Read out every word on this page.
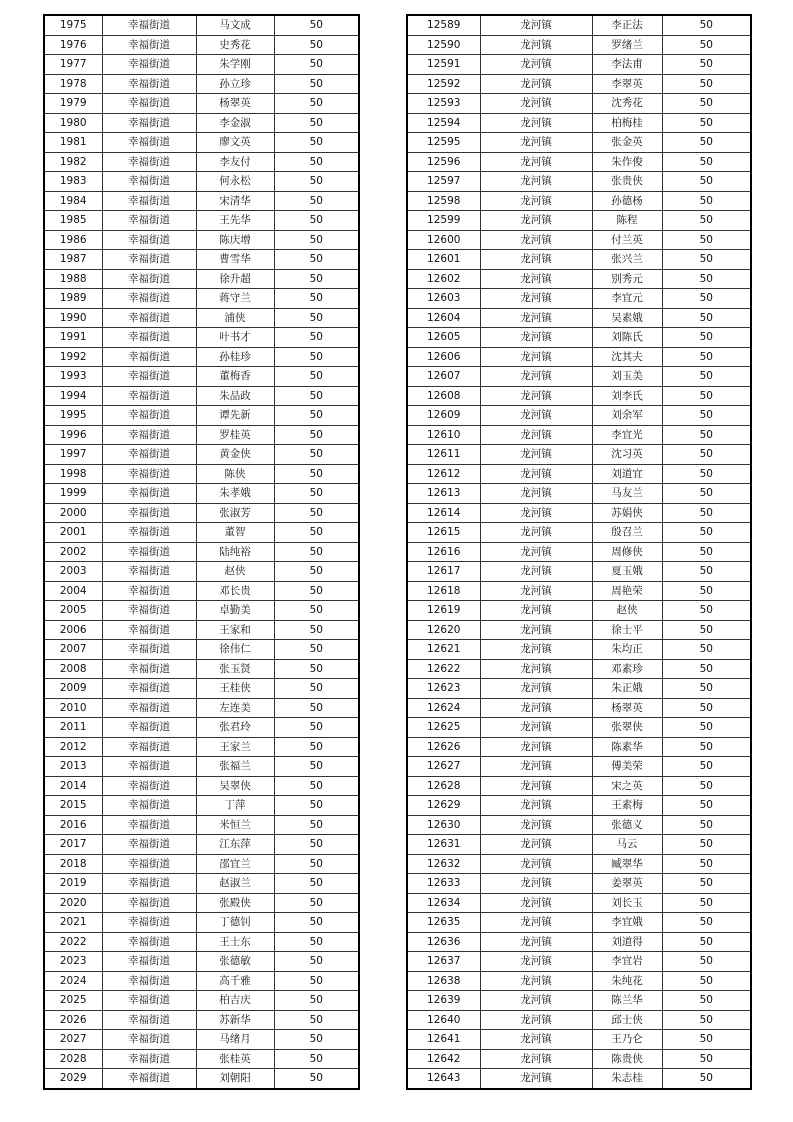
1975	幸福街道	马文成	50
1976	幸福街道	史秀花	50
1977	幸福街道	朱学刚	50
1978	幸福街道	孙立珍	50
1979	幸福街道	杨翠英	50
1980	幸福街道	李金淑	50
1981	幸福街道	廖文英	50
1982	幸福街道	李友付	50
1983	幸福街道	何永松	50
1984	幸福街道	宋清华	50
1985	幸福街道	王先华	50
1986	幸福街道	陈庆增	50
1987	幸福街道	曹雪华	50
1988	幸福街道	徐升超	50
1989	幸福街道	蒋守兰	50
1990	幸福街道	浦侠	50
1991	幸福街道	叶书才	50
1992	幸福街道	孙桂珍	50
1993	幸福街道	董梅香	50
1994	幸福街道	朱品政	50
1995	幸福街道	谭先新	50
1996	幸福街道	罗桂英	50
1997	幸福街道	黄金侠	50
1998	幸福街道	陈侠	50
1999	幸福街道	朱孝娥	50
2000	幸福街道	张淑芳	50
2001	幸福街道	董智	50
2002	幸福街道	陆纯裕	50
2003	幸福街道	赵侠	50
2004	幸福街道	邓长贵	50
2005	幸福街道	卓勤美	50
2006	幸福街道	王家和	50
2007	幸福街道	徐伟仁	50
2008	幸福街道	张玉贤	50
2009	幸福街道	王桂侠	50
2010	幸福街道	左连美	50
2011	幸福街道	张君玲	50
2012	幸福街道	王家兰	50
2013	幸福街道	张福兰	50
2014	幸福街道	吴翠侠	50
2015	幸福街道	丁萍	50
2016	幸福街道	米恒兰	50
2017	幸福街道	江东萍	50
2018	幸福街道	邵宜兰	50
2019	幸福街道	赵淑兰	50
2020	幸福街道	张殿侠	50
2021	幸福街道	丁德钊	50
2022	幸福街道	王士东	50
2023	幸福街道	张德敏	50
2024	幸福街道	高千雅	50
2025	幸福街道	柏吉庆	50
2026	幸福街道	苏新华	50
2027	幸福街道	马绪月	50
2028	幸福街道	张桂英	50
2029	幸福街道	刘朝阳	50
12589	龙河镇	李正法	50
12590	龙河镇	罗绪兰	50
12591	龙河镇	李法甫	50
12592	龙河镇	李翠英	50
12593	龙河镇	沈秀花	50
12594	龙河镇	柏梅桂	50
12595	龙河镇	张金英	50
12596	龙河镇	朱作俊	50
12597	龙河镇	张贵侠	50
12598	龙河镇	孙德杨	50
12599	龙河镇	陈程	50
12600	龙河镇	付兰英	50
12601	龙河镇	张兴兰	50
12602	龙河镇	别秀元	50
12603	龙河镇	李宜元	50
12604	龙河镇	吴素娥	50
12605	龙河镇	刘陈氏	50
12606	龙河镇	沈其夫	50
12607	龙河镇	刘玉美	50
12608	龙河镇	刘李氏	50
12609	龙河镇	刘余军	50
12610	龙河镇	李宜光	50
12611	龙河镇	沈习英	50
12612	龙河镇	刘道宜	50
12613	龙河镇	马友兰	50
12614	龙河镇	苏娟侠	50
12615	龙河镇	殷召兰	50
12616	龙河镇	周修侠	50
12617	龙河镇	夏玉娥	50
12618	龙河镇	周艳荣	50
12619	龙河镇	赵侠	50
12620	龙河镇	徐士平	50
12621	龙河镇	朱均正	50
12622	龙河镇	邓素珍	50
12623	龙河镇	朱正娥	50
12624	龙河镇	杨翠英	50
12625	龙河镇	张翠侠	50
12626	龙河镇	陈素华	50
12627	龙河镇	傅美荣	50
12628	龙河镇	宋之英	50
12629	龙河镇	王素梅	50
12630	龙河镇	张德义	50
12631	龙河镇	马云	50
12632	龙河镇	臧翠华	50
12633	龙河镇	姜翠英	50
12634	龙河镇	刘长玉	50
12635	龙河镇	李宜娥	50
12636	龙河镇	刘道得	50
12637	龙河镇	李宜岩	50
12638	龙河镇	朱纯花	50
12639	龙河镇	陈兰华	50
12640	龙河镇	邱士侠	50
12641	龙河镇	王乃仑	50
12642	龙河镇	陈贵侠	50
12643	龙河镇	朱志桂	50
